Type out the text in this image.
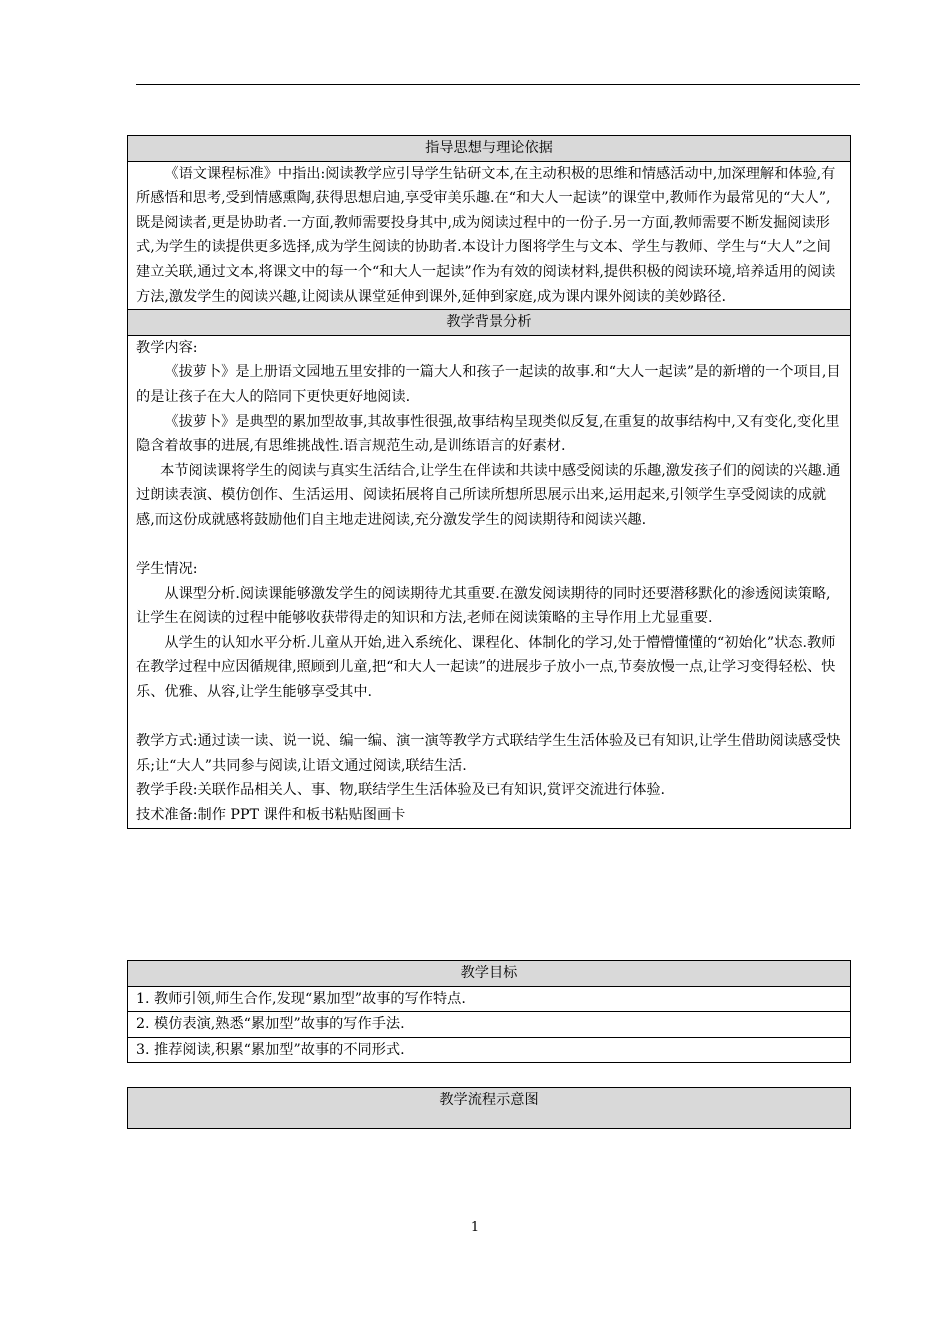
指导思想与理论依据

《语文课程标准》中指出:阅读教学应引导学生钻研文本,在主动积极的思维和情感活动中,加深理解和体验,有所感悟和思考,受到情感熏陶,获得思想启迪,享受审美乐趣.在“和大人一起读”的课堂中,教师作为最常见的“大人”,既是阅读者,更是协助者.一方面,教师需要投身其中,成为阅读过程中的一份子.另一方面,教师需要不断发掘阅读形式,为学生的读提供更多选择,成为学生阅读的协助者.本设计力图将学生与文本、学生与教师、学生与“大人”之间建立关联,通过文本,将课文中的每一个“和大人一起读”作为有效的阅读材料,提供积极的阅读环境,培养适用的阅读方法,激发学生的阅读兴趣,让阅读从课堂延伸到课外,延伸到家庭,成为课内课外阅读的美妙路径.

教学背景分析

教学内容:

《拔萝卜》是上册语文园地五里安排的一篇大人和孩子一起读的故事.和“大人一起读”是的新增的一个项目,目的是让孩子在大人的陪同下更快更好地阅读.

《拔萝卜》是典型的累加型故事,其故事性很强,故事结构呈现类似反复,在重复的故事结构中,又有变化,变化里隐含着故事的进展,有思维挑战性.语言规范生动,是训练语言的好素材.

本节阅读课将学生的阅读与真实生活结合,让学生在伴读和共读中感受阅读的乐趣,激发孩子们的阅读的兴趣.通过朗读表演、模仿创作、生活运用、阅读拓展将自己所读所想所思展示出来,运用起来,引领学生享受阅读的成就感,而这份成就感将鼓励他们自主地走进阅读,充分激发学生的阅读期待和阅读兴趣.

学生情况:

从课型分析.阅读课能够激发学生的阅读期待尤其重要.在激发阅读期待的同时还要潜移默化的渗透阅读策略,让学生在阅读的过程中能够收获带得走的知识和方法,老师在阅读策略的主导作用上尤显重要.

从学生的认知水平分析.儿童从开始,进入系统化、课程化、体制化的学习,处于懵懵懂懂的“初始化”状态.教师在教学过程中应因循规律,照顾到儿童,把“和大人一起读”的进展步子放小一点,节奏放慢一点,让学习变得轻松、快乐、优雅、从容,让学生能够享受其中.

教学方式:通过读一读、说一说、编一编、演一演等教学方式联结学生生活体验及已有知识,让学生借助阅读感受快乐;让“大人”共同参与阅读,让语文通过阅读,联结生活.

教学手段:关联作品相关人、事、物,联结学生生活体验及已有知识,赏评交流进行体验.

技术准备:制作 PPT 课件和板书粘贴图画卡

教学目标
1. 教师引领,师生合作,发现“累加型”故事的写作特点.
2. 模仿表演,熟悉“累加型”故事的写作手法.
3. 推荐阅读,积累“累加型”故事的不同形式.
教学流程示意图
1
